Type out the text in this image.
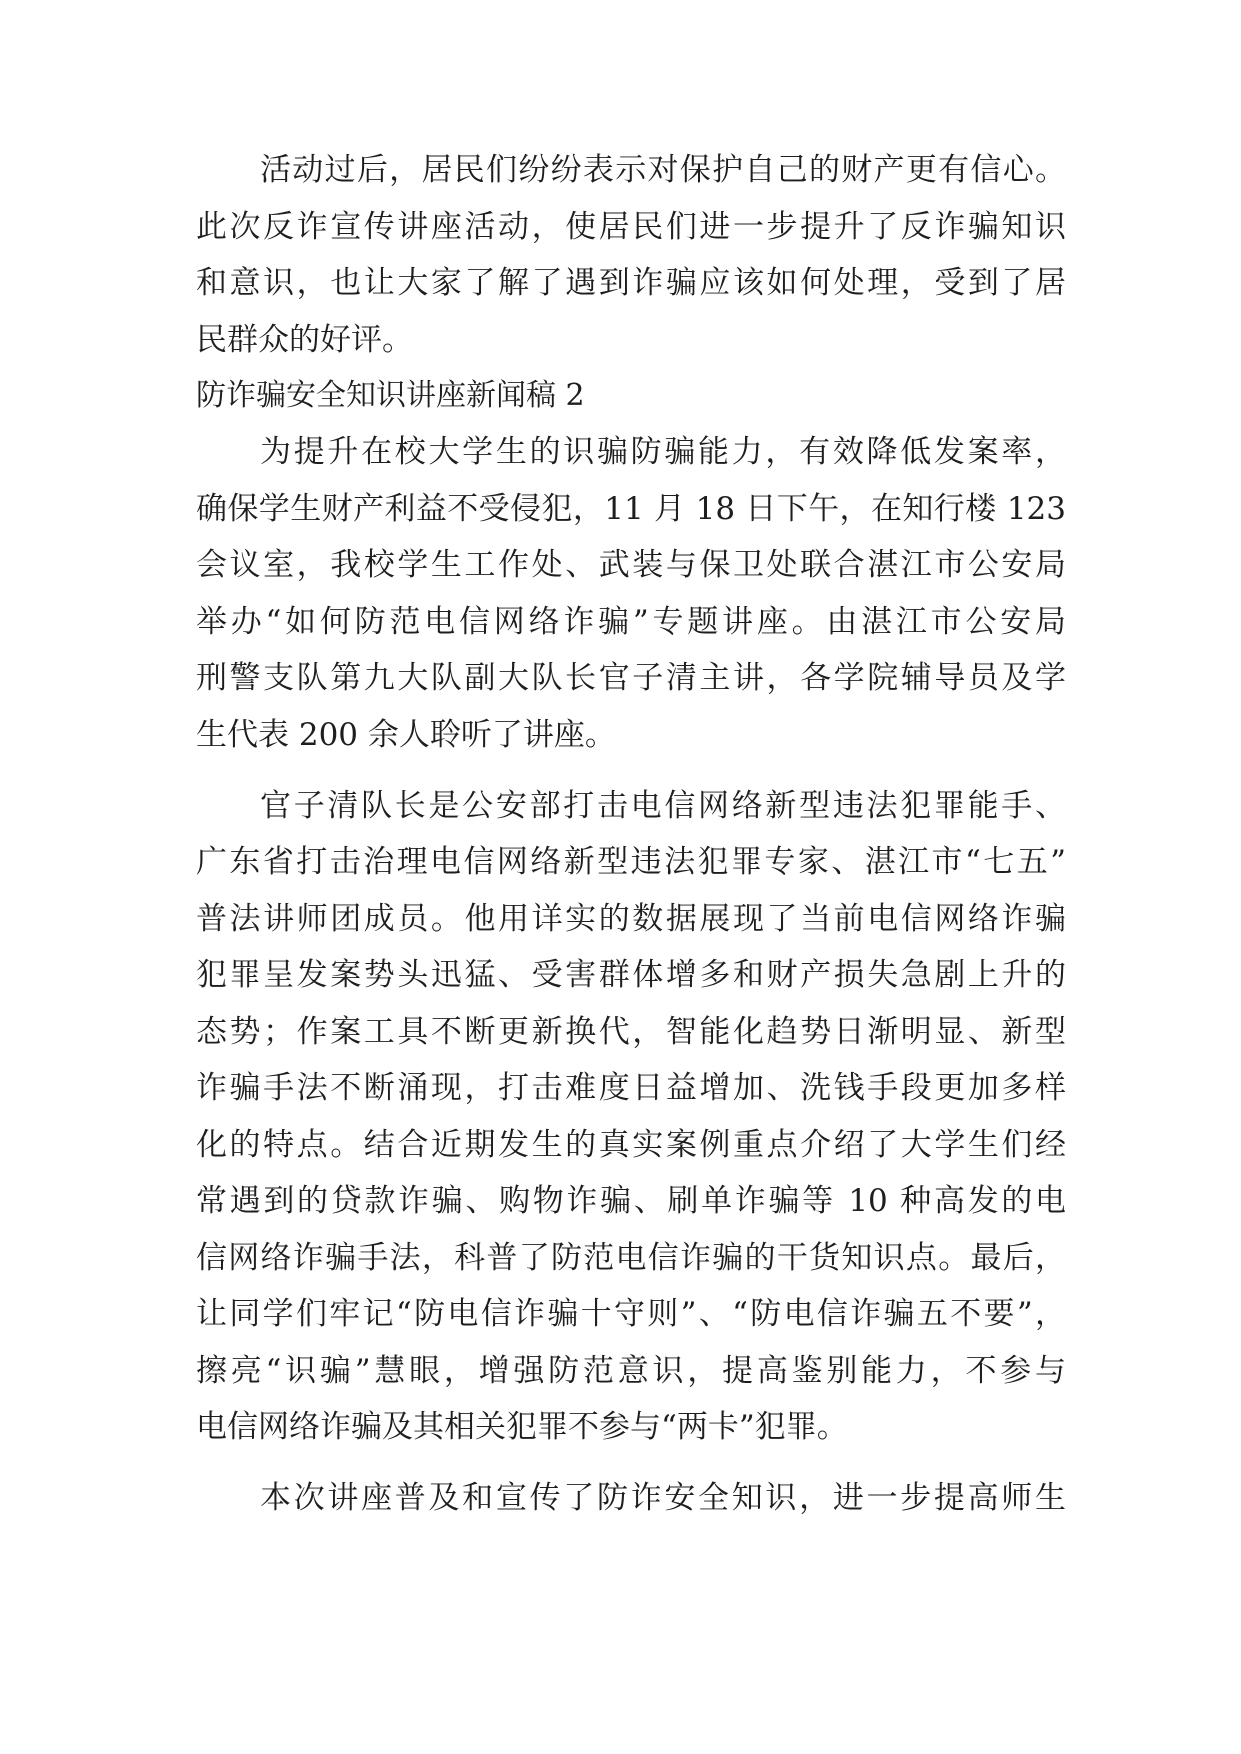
活动过后，居民们纷纷表示对保护自己的财产更有信心。
此次反诈宣传讲座活动，使居民们进一步提升了反诈骗知识
和意识，也让大家了解了遇到诈骗应该如何处理，受到了居
民群众的好评。
防诈骗安全知识讲座新闻稿 2
为提升在校大学生的识骗防骗能力，有效降低发案率，
确保学生财产利益不受侵犯，11 月 18 日下午，在知行楼 123
会议室，我校学生工作处、武装与保卫处联合湛江市公安局
举办“如何防范电信网络诈骗”专题讲座。由湛江市公安局
刑警支队第九大队副大队长官子清主讲，各学院辅导员及学
生代表 200 余人聆听了讲座。
官子清队长是公安部打击电信网络新型违法犯罪能手、
广东省打击治理电信网络新型违法犯罪专家、湛江市“七五”
普法讲师团成员。他用详实的数据展现了当前电信网络诈骗
犯罪呈发案势头迅猛、受害群体增多和财产损失急剧上升的
态势；作案工具不断更新换代，智能化趋势日渐明显、新型
诈骗手法不断涌现，打击难度日益增加、洗钱手段更加多样
化的特点。结合近期发生的真实案例重点介绍了大学生们经
常遇到的贷款诈骗、购物诈骗、刷单诈骗等 10 种高发的电
信网络诈骗手法，科普了防范电信诈骗的干货知识点。最后，
让同学们牢记“防电信诈骗十守则”、“防电信诈骗五不要”，
擦亮“识骗”慧眼，增强防范意识，提高鉴别能力，不参与
电信网络诈骗及其相关犯罪不参与“两卡”犯罪。
本次讲座普及和宣传了防诈安全知识，进一步提高师生
